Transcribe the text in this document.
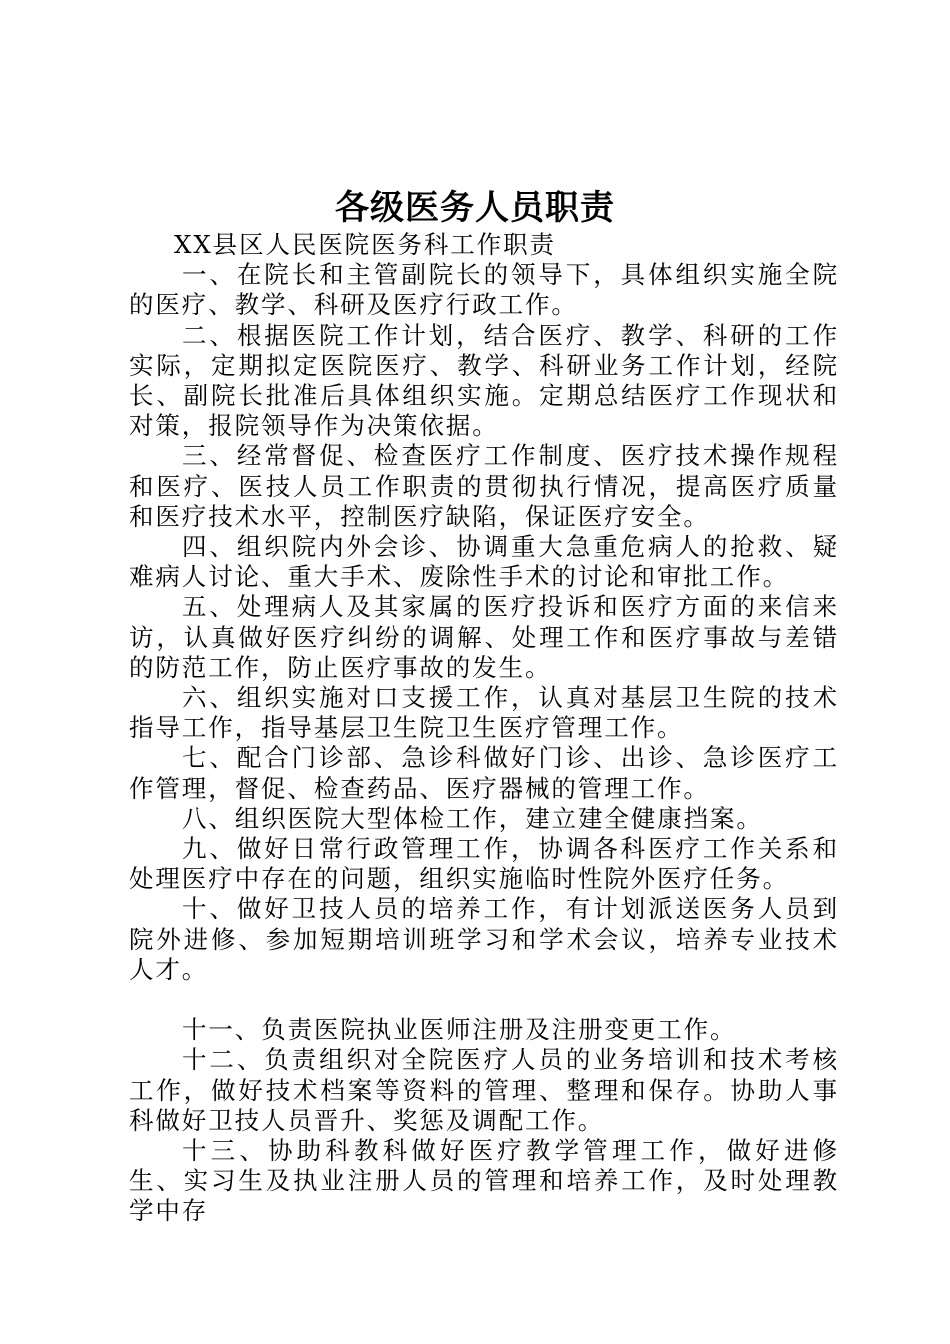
各级医务人员职责

XX县区人民医院医务科工作职责

一、在院长和主管副院长的领导下，具体组织实施全院的医疗、教学、科研及医疗行政工作。

二、根据医院工作计划，结合医疗、教学、科研的工作实际，定期拟定医院医疗、教学、科研业务工作计划，经院长、副院长批准后具体组织实施。定期总结医疗工作现状和对策，报院领导作为决策依据。

三、经常督促、检查医疗工作制度、医疗技术操作规程和医疗、医技人员工作职责的贯彻执行情况，提高医疗质量和医疗技术水平，控制医疗缺陷，保证医疗安全。

四、组织院内外会诊、协调重大急重危病人的抢救、疑难病人讨论、重大手术、废除性手术的讨论和审批工作。

五、处理病人及其家属的医疗投诉和医疗方面的来信来访，认真做好医疗纠纷的调解、处理工作和医疗事故与差错的防范工作，防止医疗事故的发生。

六、组织实施对口支援工作，认真对基层卫生院的技术指导工作，指导基层卫生院卫生医疗管理工作。

七、配合门诊部、急诊科做好门诊、出诊、急诊医疗工作管理，督促、检查药品、医疗器械的管理工作。

八、组织医院大型体检工作，建立建全健康挡案。

九、做好日常行政管理工作，协调各科医疗工作关系和处理医疗中存在的问题，组织实施临时性院外医疗任务。

十、做好卫技人员的培养工作，有计划派送医务人员到院外进修、参加短期培训班学习和学术会议，培养专业技术人才。

十一、负责医院执业医师注册及注册变更工作。

十二、负责组织对全院医疗人员的业务培训和技术考核工作，做好技术档案等资料的管理、整理和保存。协助人事科做好卫技人员晋升、奖惩及调配工作。

十三、协助科教科做好医疗教学管理工作，做好进修生、实习生及执业注册人员的管理和培养工作，及时处理教学中存
